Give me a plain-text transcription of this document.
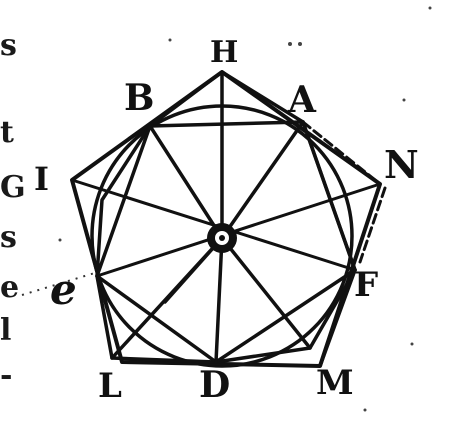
s
t
G
s
e
l
-
H
A
B
N
I
F
e
L D	M
